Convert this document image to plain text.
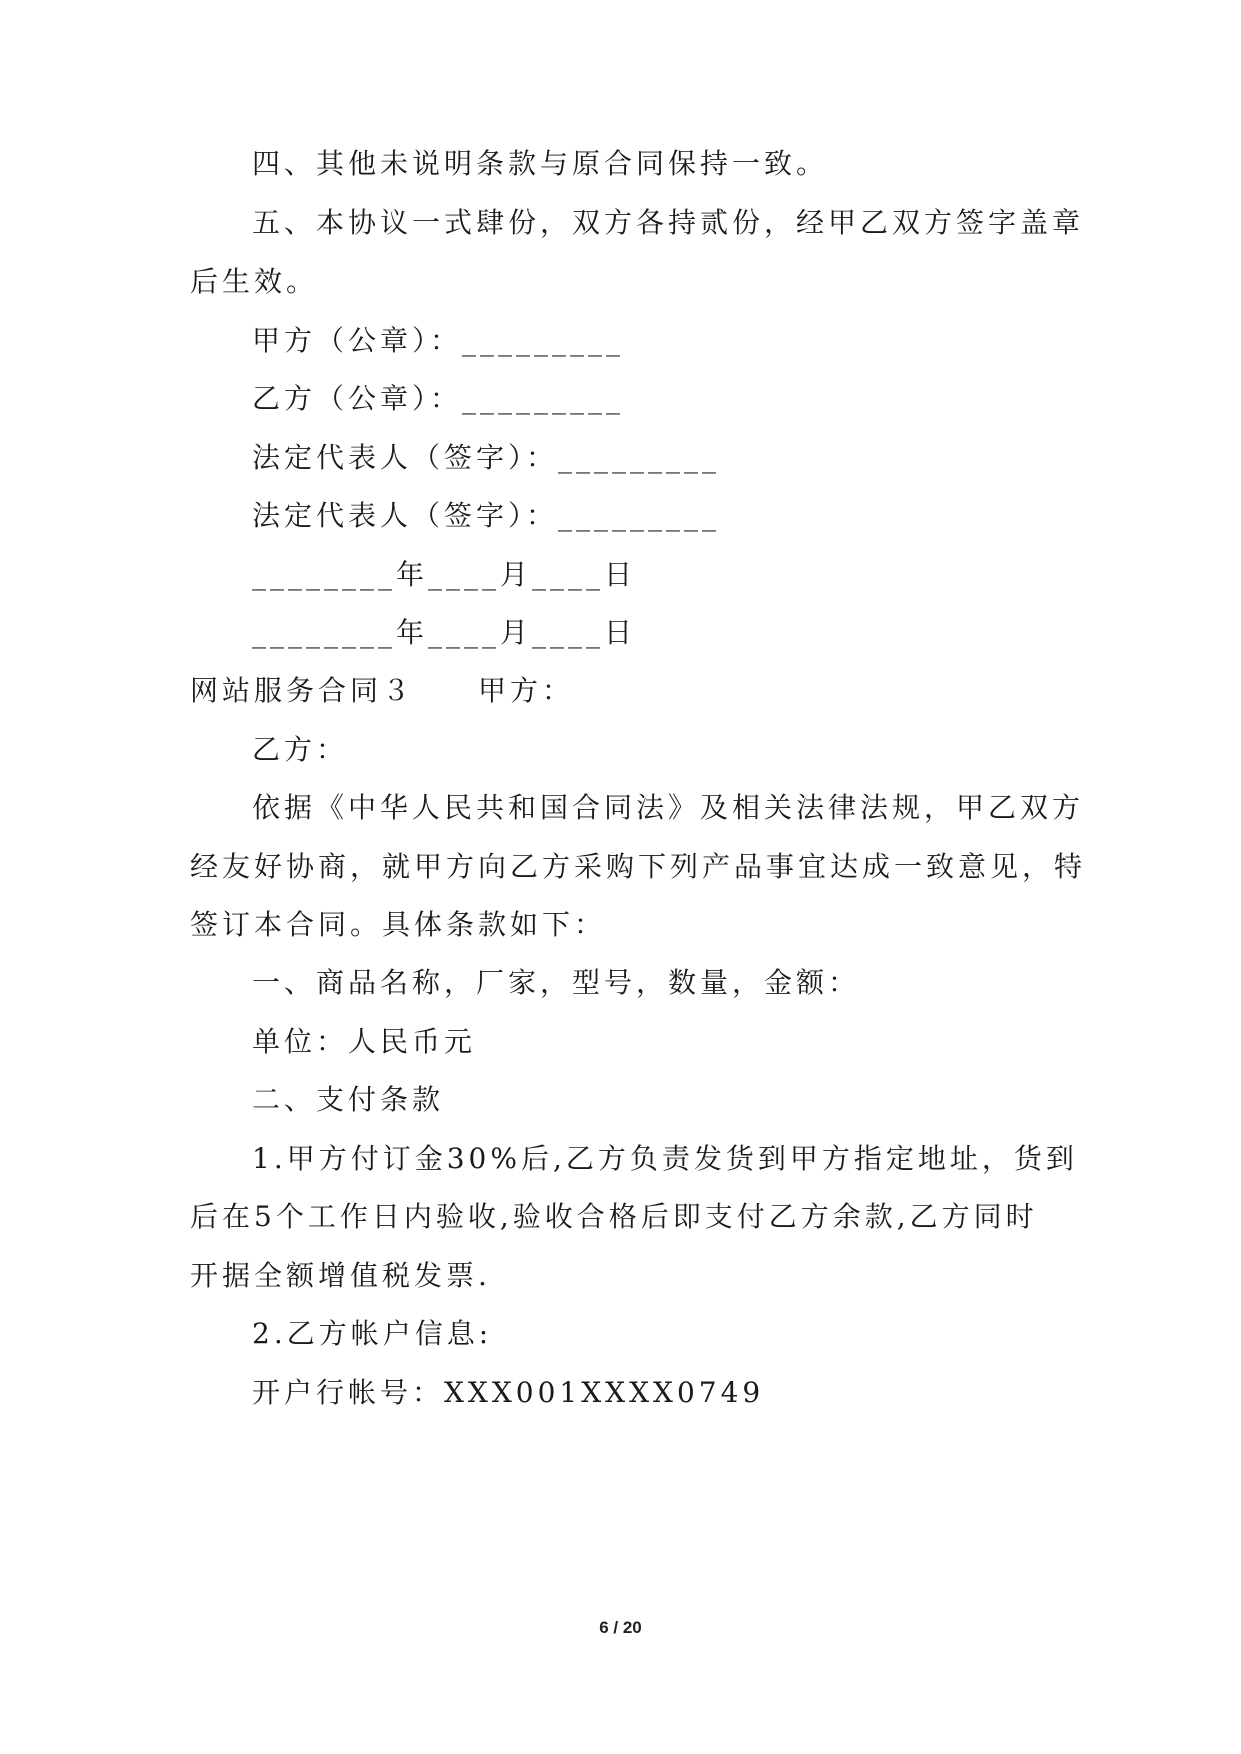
四、其他未说明条款与原合同保持一致。
五、本协议一式肆份，双方各持贰份，经甲乙双方签字盖章
后生效。
甲方（公章）：_________
乙方（公章）：_________
法定代表人（签字）：_________
法定代表人（签字）：_________
________年____月____日
________年____月____日
网站服务合同３　　甲方：
乙方：
依据《中华人民共和国合同法》及相关法律法规，甲乙双方
经友好协商，就甲方向乙方采购下列产品事宜达成一致意见，特
签订本合同。具体条款如下：
一、商品名称，厂家，型号，数量，金额：
单位：人民币元
二、支付条款
1.甲方付订金30%后,乙方负责发货到甲方指定地址，货到
后在5个工作日内验收,验收合格后即支付乙方余款,乙方同时
开据全额增值税发票.
2.乙方帐户信息:
开户行帐号：XXX001XXXX0749
6 / 20
